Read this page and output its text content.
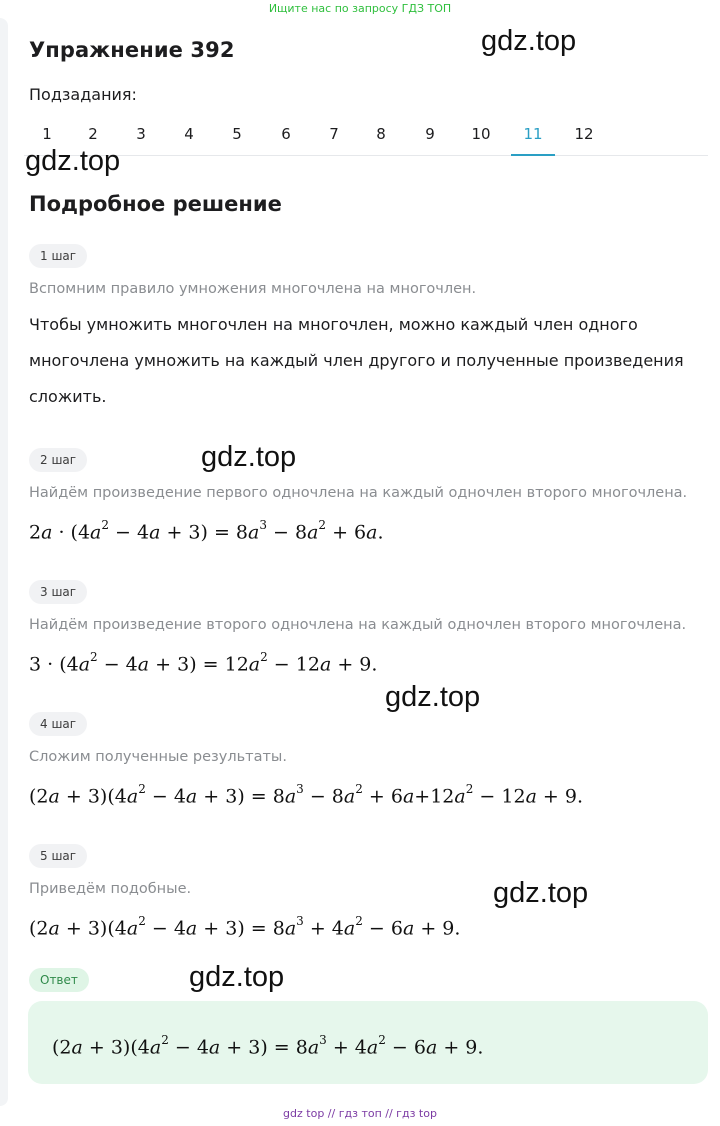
Ищите нас по запросу ГДЗ ТОП
Упражнение 392
Подзадания:
1	2	3	4	5	6	7	8	9	10	11	12
Подробное решение
1 шаг
Вспомним правило умножения многочлена на многочлен.
Чтобы умножить многочлен на многочлен, можно каждый член одного многочлена умножить на каждый член другого и полученные произведения сложить.
2 шаг
Найдём произведение первого одночлена на каждый одночлен второго многочлена.
$2a \cdot (4a^2 - 4a + 3) = 8a^3 - 8a^2 + 6a$.
3 шаг
Найдём произведение второго одночлена на каждый одночлен второго многочлена.
$3 \cdot (4a^2 - 4a + 3) = 12a^2 - 12a + 9$.
4 шаг
Сложим полученные результаты.
$(2a + 3)(4a^2 - 4a + 3) = 8a^3 - 8a^2 + 6a+12a^2 - 12a + 9$.
5 шаг
Приведём подобные.
$(2a + 3)(4a^2 - 4a + 3) = 8a^3 + 4a^2 - 6a + 9$.
Ответ
$(2a + 3)(4a^2 - 4a + 3) = 8a^3 + 4a^2 - 6a + 9$.
gdz.top
gdz.top
gdz.top
gdz.top
gdz.top
gdz.top
gdz top // гдз топ // гдз top
